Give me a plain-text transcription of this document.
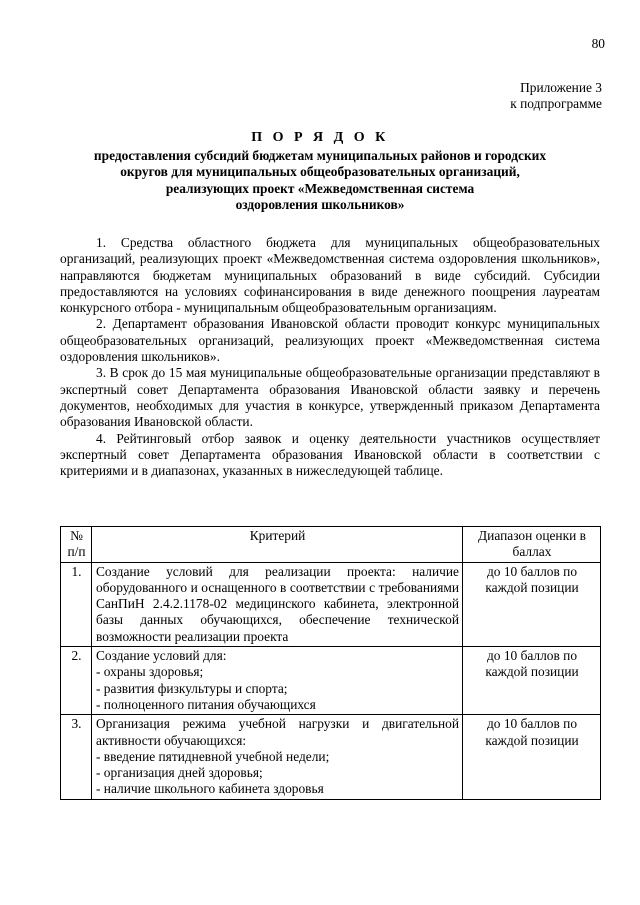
80
Приложение 3
к подпрограмме
П О Р Я Д О К
предоставления субсидий бюджетам муниципальных районов и городских
округов для муниципальных общеобразовательных организаций,
реализующих проект «Межведомственная система
оздоровления школьников»

1. Средства областного бюджета для муниципальных общеобразовательных организаций, реализующих проект «Межведомственная система оздоровления школьников», направляются бюджетам муниципальных образований в виде субсидий. Субсидии предоставляются на условиях софинансирования в виде денежного поощрения лауреатам конкурсного отбора - муниципальным общеобразовательным организациям.

2. Департамент образования Ивановской области проводит конкурс муниципальных общеобразовательных организаций, реализующих проект «Межведомственная система оздоровления школьников».

3. В срок до 15 мая муниципальные общеобразовательные организации представляют в экспертный совет Департамента образования Ивановской области заявку и перечень документов, необходимых для участия в конкурсе, утвержденный приказом Департамента образования Ивановской области.

4. Рейтинговый отбор заявок и оценку деятельности участников осуществляет экспертный совет Департамента образования Ивановской области в соответствии с критериями и в диапазонах, указанных в нижеследующей таблице.

№ п/п	Критерий	Диапазон оценки в баллах
1.	Создание условий для реализации проекта: наличие оборудованного и оснащенного в соответствии с требованиями СанПиН 2.4.2.1178-02 медицинского кабинета, электронной базы данных обучающихся, обеспечение технической возможности реализации проекта	до 10 баллов по каждой позиции
2.	Создание условий для:
- охраны здоровья;
- развития физкультуры и спорта;
- полноценного питания обучающихся	до 10 баллов по каждой позиции
3.	Организация режима учебной нагрузки и двигательной активности обучающихся:
- введение пятидневной учебной недели;
- организация дней здоровья;
- наличие школьного кабинета здоровья	до 10 баллов по каждой позиции
